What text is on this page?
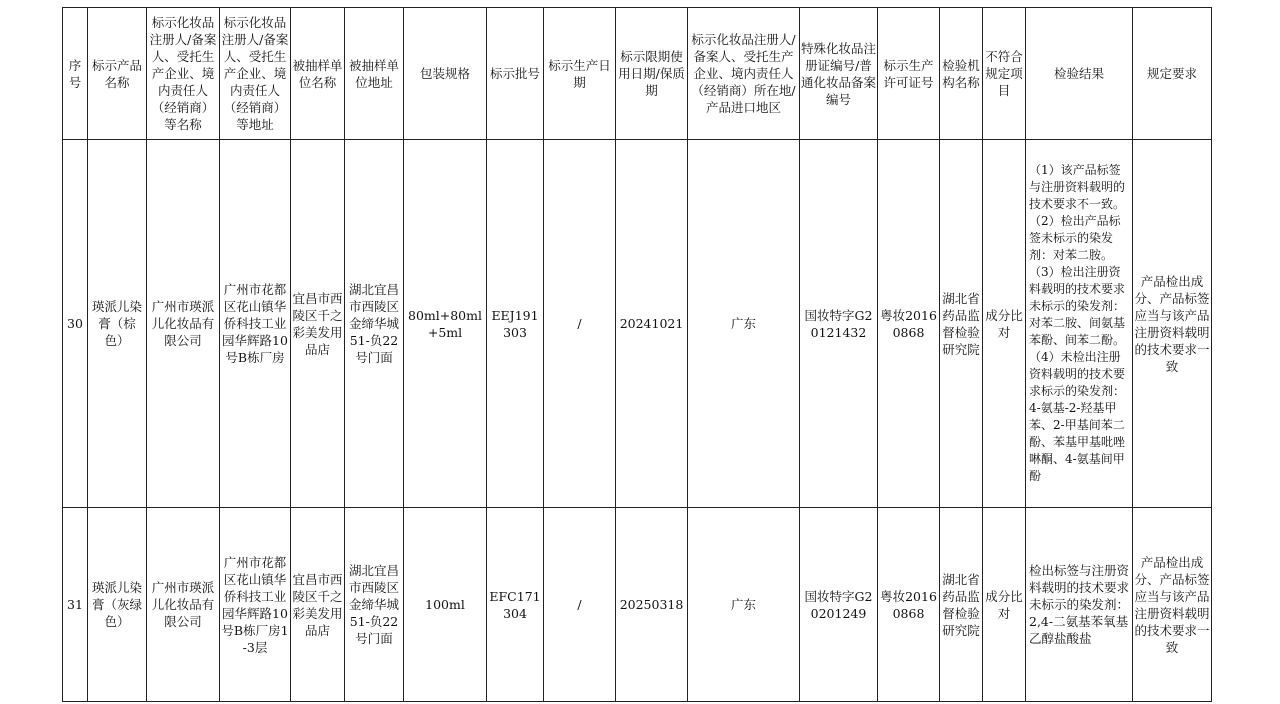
序号	标示产品名称	标示化妆品注册人/备案人、受托生产企业、境内责任人（经销商）等名称	标示化妆品注册人/备案人、受托生产企业、境内责任人（经销商）等地址	被抽样单位名称	被抽样单位地址	包装规格	标示批号	标示生产日期	标示限期使用日期/保质期	标示化妆品注册人/备案人、受托生产企业、境内责任人（经销商）所在地/产品进口地区	特殊化妆品注册证编号/普通化妆品备案编号	标示生产许可证号	检验机构名称	不符合规定项目	检验结果	规定要求
30	瑛派儿染膏（棕色）	广州市瑛派儿化妆品有限公司	广州市花都区花山镇华侨科技工业园华辉路10号B栋厂房	宜昌市西陵区千之彩美发用品店	湖北宜昌市西陵区金缔华城51-负22号门面	80ml+80ml+5ml	EEJ191303	/	20241021	广东	国妆特字G20121432	粤妆20160868	湖北省药品监督检验研究院	成分比对	（1）该产品标签与注册资料载明的技术要求不一致。（2）检出产品标签未标示的染发剂：对苯二胺。（3）检出注册资料载明的技术要求未标示的染发剂：对苯二胺、间氨基苯酚、间苯二酚。（4）未检出注册资料载明的技术要求标示的染发剂：4-氨基-2-羟基甲苯、2-甲基间苯二酚、苯基甲基吡唑啉酮、4-氨基间甲酚	产品检出成分、产品标签应当与该产品注册资料载明的技术要求一致
31	瑛派儿染膏（灰绿色）	广州市瑛派儿化妆品有限公司	广州市花都区花山镇华侨科技工业园华辉路10号B栋厂房1-3层	宜昌市西陵区千之彩美发用品店	湖北宜昌市西陵区金缔华城51-负22号门面	100ml	EFC171304	/	20250318	广东	国妆特字G20201249	粤妆20160868	湖北省药品监督检验研究院	成分比对	检出标签与注册资料载明的技术要求未标示的染发剂：2,4-二氨基苯氧基乙醇盐酸盐	产品检出成分、产品标签应当与该产品注册资料载明的技术要求一致
